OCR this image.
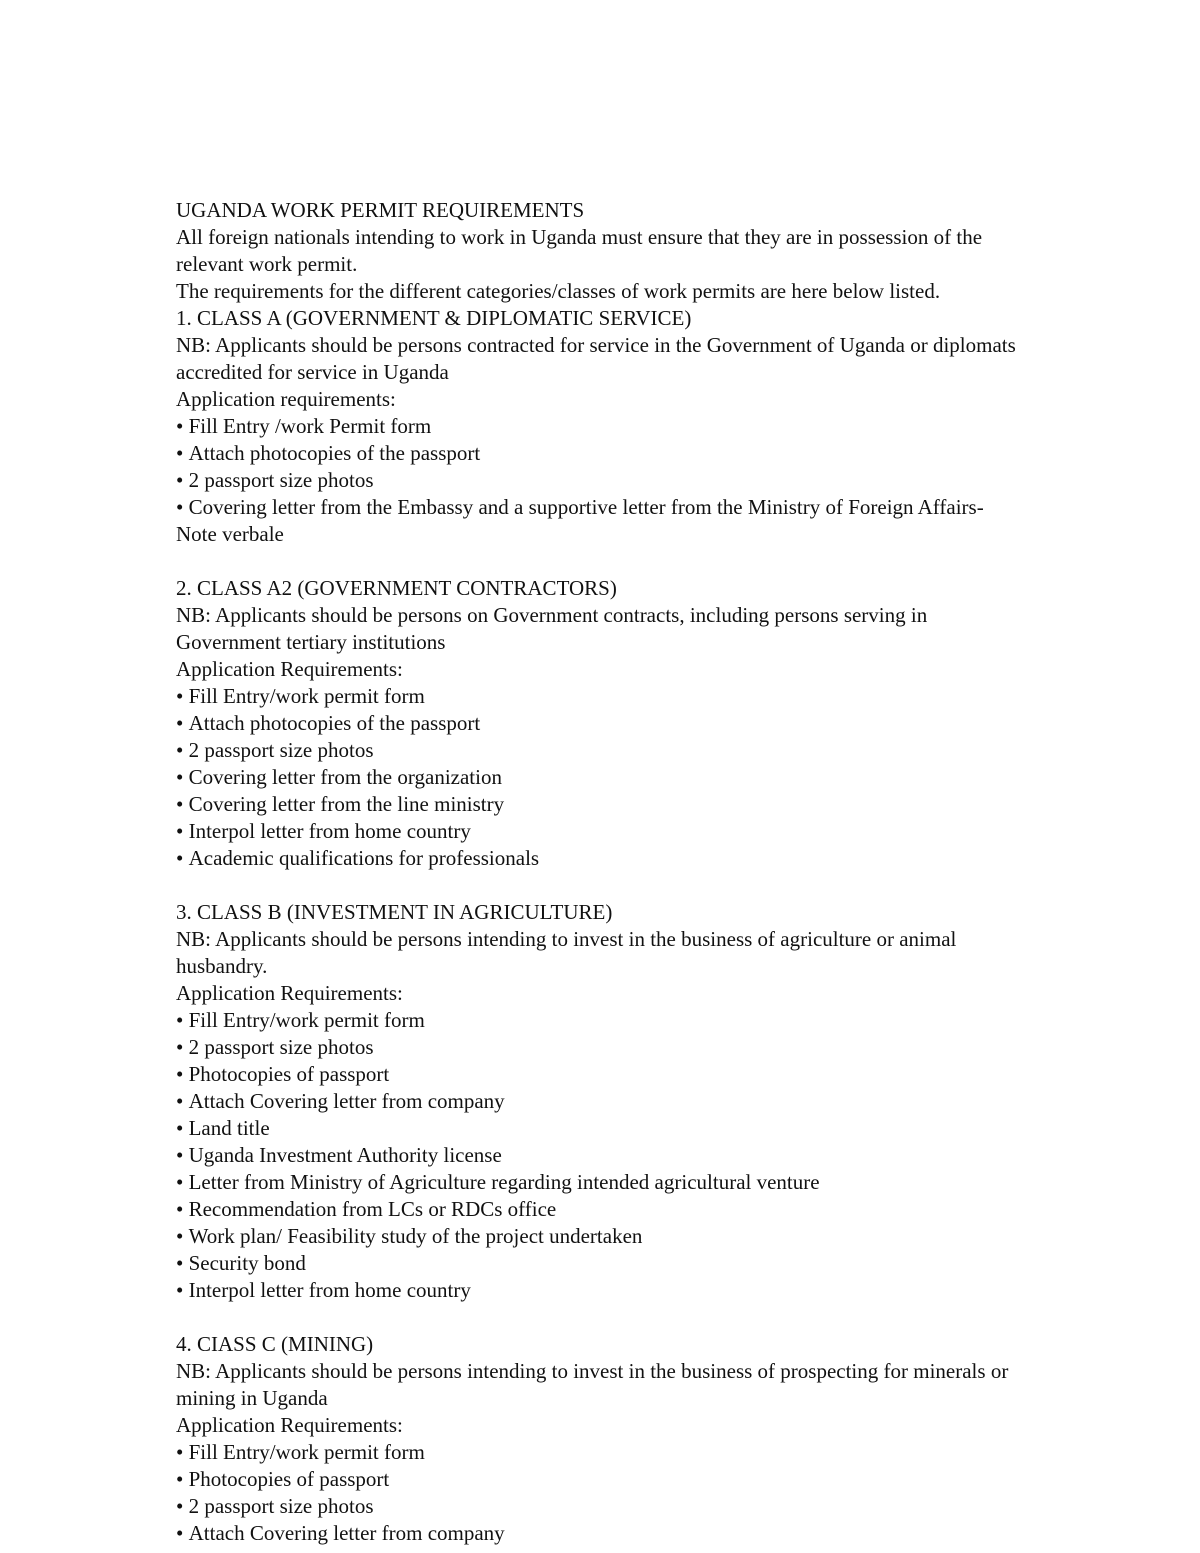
UGANDA WORK PERMIT REQUIREMENTS
All foreign nationals intending to work in Uganda must ensure that they are in possession of the
relevant work permit.
The requirements for the different categories/classes of work permits are here below listed.
1. CLASS A (GOVERNMENT & DIPLOMATIC SERVICE)
NB: Applicants should be persons contracted for service in the Government of Uganda or diplomats
accredited for service in Uganda
Application requirements:
• Fill Entry /work Permit form
• Attach photocopies of the passport
• 2 passport size photos
• Covering letter from the Embassy and a supportive letter from the Ministry of Foreign Affairs-
Note verbale
2. CLASS A2 (GOVERNMENT CONTRACTORS)
NB: Applicants should be persons on Government contracts, including persons serving in
Government tertiary institutions
Application Requirements:
• Fill Entry/work permit form
• Attach photocopies of the passport
• 2 passport size photos
• Covering letter from the organization
• Covering letter from the line ministry
• Interpol letter from home country
• Academic qualifications for professionals
3. CLASS B (INVESTMENT IN AGRICULTURE)
NB: Applicants should be persons intending to invest in the business of agriculture or animal
husbandry.
Application Requirements:
• Fill Entry/work permit form
• 2 passport size photos
• Photocopies of passport
• Attach Covering letter from company
• Land title
• Uganda Investment Authority license
• Letter from Ministry of Agriculture regarding intended agricultural venture
• Recommendation from LCs or RDCs office
• Work plan/ Feasibility study of the project undertaken
• Security bond
• Interpol letter from home country
4. CIASS C (MINING)
NB: Applicants should be persons intending to invest in the business of prospecting for minerals or
mining in Uganda
Application Requirements:
• Fill Entry/work permit form
• Photocopies of passport
• 2 passport size photos
• Attach Covering letter from company
